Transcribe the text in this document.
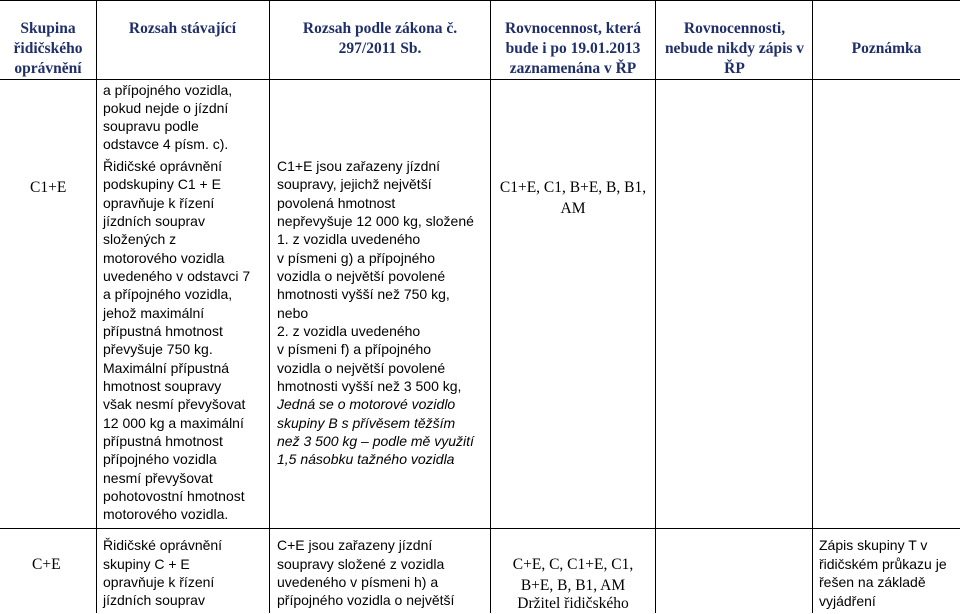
Skupina řidičského oprávnění
Rozsah stávající	Rozsah podle zákona č. 297/2011 Sb.
Rovnocennost, která bude i po 19.01.2013 zaznamenána v ŘP
Rovnocennosti, nebude nikdy zápis v ŘP
Poznámka
C1+E
a přípojného vozidla,
pokud nejde o jízdní
soupravu podle
odstavce 4 písm. c).
Řidičské oprávnění
podskupiny C1 + E
opravňuje k řízení
jízdních souprav
složených z
motorového vozidla
uvedeného v odstavci 7
a přípojného vozidla,
jehož maximální
přípustná hmotnost
převyšuje 750 kg.
Maximální přípustná
hmotnost soupravy
však nesmí převyšovat
12 000 kg a maximální
přípustná hmotnost
přípojného vozidla
nesmí převyšovat
pohotovostní hmotnost
motorového vozidla.
C1+E jsou zařazeny jízdní
soupravy, jejichž největší
povolená hmotnost
nepřevyšuje 12 000 kg, složené
1. z vozidla uvedeného
v písmeni g) a přípojného
vozidla o největší povolené
hmotnosti vyšší než 750 kg,
nebo
2. z vozidla uvedeného
v písmeni f) a přípojného
vozidla o největší povolené
hmotnosti vyšší než 3 500 kg,
Jedná se o motorové vozidlo
skupiny B s přívěsem těžším
než 3 500 kg – podle mě využití
1,5 násobku tažného vozidla
C1+E, C1, B+E, B, B1, AM
C+E
Řidičské oprávnění
skupiny C + E
opravňuje k řízení
jízdních souprav
C+E jsou zařazeny jízdní
soupravy složené z vozidla
uvedeného v písmeni h) a
přípojného vozidla o největší
C+E, C, C1+E, C1, B+E, B, B1, AM
Držitel řidičského
Zápis skupiny T v řidičském průkazu je řešen na základě vyjádření
